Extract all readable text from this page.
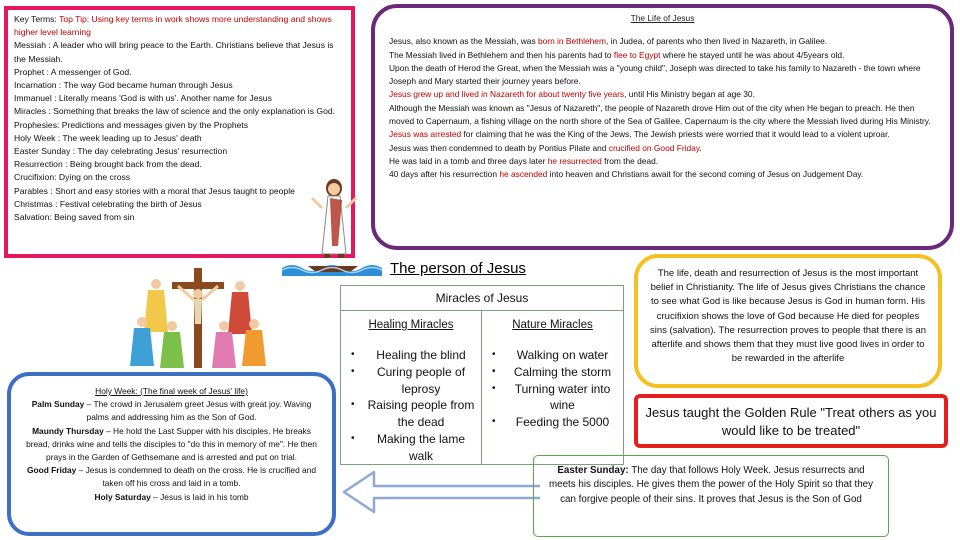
Key Terms: Top Tip: Using key terms in work shows more understanding and shows higher level learning

Messiah : A leader who will bring peace to the Earth. Christians believe that Jesus is the Messiah.

Prophet : A messenger of God.

Incarnation : The way God became human through Jesus

Immanuel : Literally means 'God is with us'. Another name for Jesus

Miracles : Something that breaks the law of science and the only explanation is God.

Prophesies: Predictions and messages given by the Prophets

Holy Week : The week leading up to Jesus' death

Easter Sunday : The day celebrating Jesus' resurrection

Resurrection : Being brought back from the dead.

Crucifixion: Dying on the cross

Parables : Short and easy stories with a moral that Jesus taught to people

Christmas : Festival celebrating the birth of Jesus

Salvation: Being saved from sin

The Life of Jesus

Jesus, also known as the Messiah, was born in Bethlehem, in Judea, of parents who then lived in Nazareth, in Galilee.

The Messiah lived in Bethlehem and then his parents had to flee to Egypt where he stayed until he was about 4/5years old.

Upon the death of Herod the Great, when the Messiah was a "young child", Joseph was directed to take his family to Nazareth - the town where Joseph and Mary started their journey years before.

Jesus grew up and lived in Nazareth for about twenty five years, until His Ministry began at age 30.

Although the Messiah was known as "Jesus of Nazareth", the people of Nazareth drove Him out of the city when He began to preach. He then moved to Capernaum, a fishing village on the north shore of the Sea of Galilee. Capernaum is the city where the Messiah lived during His Ministry.

Jesus was arrested for claiming that he was the King of the Jews. The Jewish priests were worried that it would lead to a violent uproar.

Jesus was then condemned to death by Pontius Pilate and crucified on Good Friday.

He was laid in a tomb and three days later he resurrected from the dead.

40 days after his resurrection he ascended into heaven and Christians await for the second coming of Jesus on Judgement Day.

The person of Jesus
Miracles of Jesus
Healing Miracles
• Healing the blind
• Curing people of leprosy
• Raising people from the dead
• Making the lame walk
Nature Miracles
• Walking on water
• Calming the storm
• Turning water into wine
• Feeding the 5000
Holy Week: (The final week of Jesus' life)
Palm Sunday – The crowd in Jerusalem greet Jesus with great joy. Waving palms and addressing him as the Son of God.
Maundy Thursday – He hold the Last Supper with his disciples. He breaks bread, drinks wine and tells the disciples to "do this in memory of me". He then prays in the Garden of Gethsemane and is arrested and put on trial.
Good Friday – Jesus is condemned to death on the cross. He is crucified and taken off his cross and laid in a tomb.
Holy Saturday – Jesus is laid in his tomb
The life, death and resurrection of Jesus is the most important belief in Christianity. The life of Jesus gives Christians the chance to see what God is like because Jesus is God in human form. His crucifixion shows the love of God because He died for peoples sins (salvation). The resurrection proves to people that there is an afterlife and shows them that they must live good lives in order to be rewarded in the afterlife
Jesus taught the Golden Rule "Treat others as you would like to be treated"
Easter Sunday: The day that follows Holy Week. Jesus resurrects and meets his disciples. He gives them the power of the Holy Spirit so that they can forgive people of their sins. It proves that Jesus is the Son of God
